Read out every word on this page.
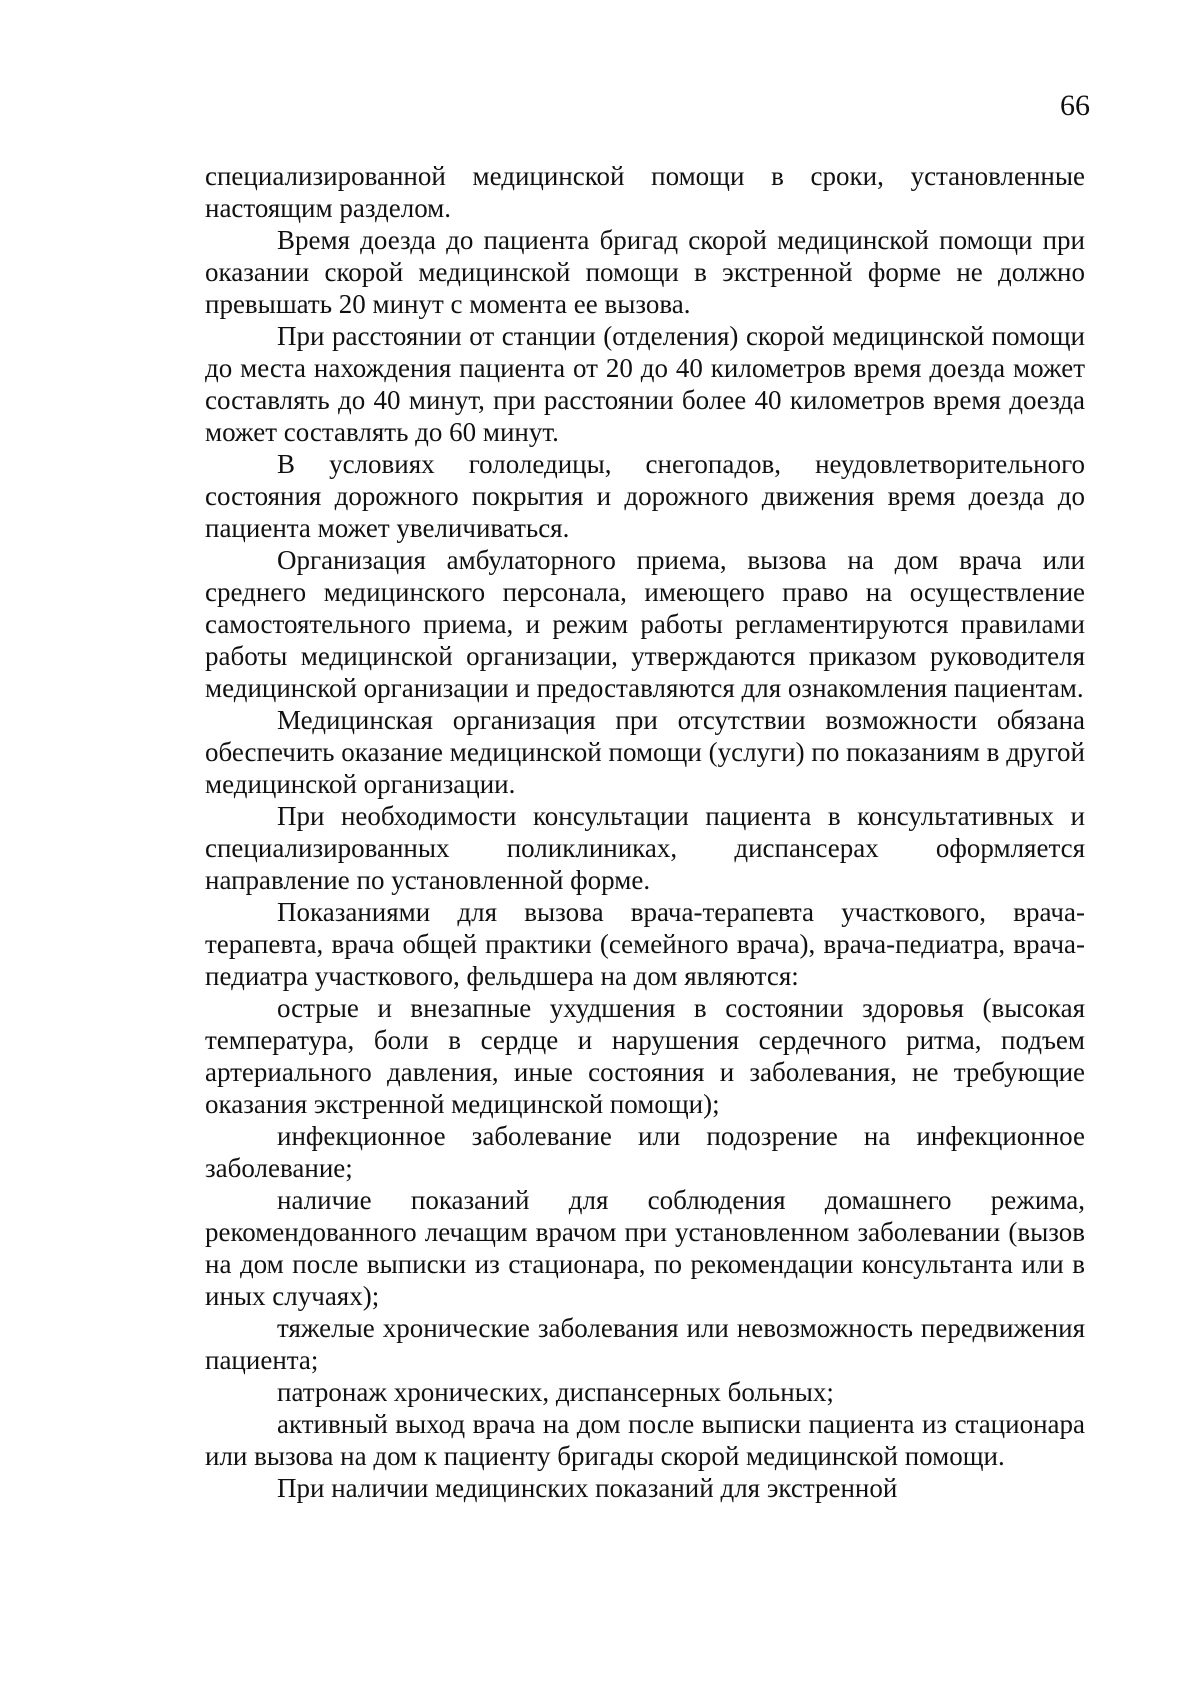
66

специализированной медицинской помощи в сроки, установленные настоящим разделом.

Время доезда до пациента бригад скорой медицинской помощи при оказании скорой медицинской помощи в экстренной форме не должно превышать 20 минут с момента ее вызова.

При расстоянии от станции (отделения) скорой медицинской помощи до места нахождения пациента от 20 до 40 километров время доезда может составлять до 40 минут, при расстоянии более 40 километров время доезда может составлять до 60 минут.

В условиях гололедицы, снегопадов, неудовлетворительного состояния дорожного покрытия и дорожного движения время доезда до пациента может увеличиваться.

Организация амбулаторного приема, вызова на дом врача или среднего медицинского персонала, имеющего право на осуществление самостоятельного приема, и режим работы регламентируются правилами работы медицинской организации, утверждаются приказом руководителя медицинской организации и предоставляются для ознакомления пациентам.

Медицинская организация при отсутствии возможности обязана обеспечить оказание медицинской помощи (услуги) по показаниям в другой медицинской организации.

При необходимости консультации пациента в консультативных и специализированных поликлиниках, диспансерах оформляется направление по установленной форме.

Показаниями для вызова врача-терапевта участкового, врача-терапевта, врача общей практики (семейного врача), врача-педиатра, врача-педиатра участкового, фельдшера на дом являются:

острые и внезапные ухудшения в состоянии здоровья (высокая температура, боли в сердце и нарушения сердечного ритма, подъем артериального давления, иные состояния и заболевания, не требующие оказания экстренной медицинской помощи);

инфекционное заболевание или подозрение на инфекционное заболевание;

наличие показаний для соблюдения домашнего режима, рекомендованного лечащим врачом при установленном заболевании (вызов на дом после выписки из стационара, по рекомендации консультанта или в иных случаях);

тяжелые хронические заболевания или невозможность передвижения пациента;

патронаж хронических, диспансерных больных;

активный выход врача на дом после выписки пациента из стационара или вызова на дом к пациенту бригады скорой медицинской помощи.

При наличии медицинских показаний для экстренной
